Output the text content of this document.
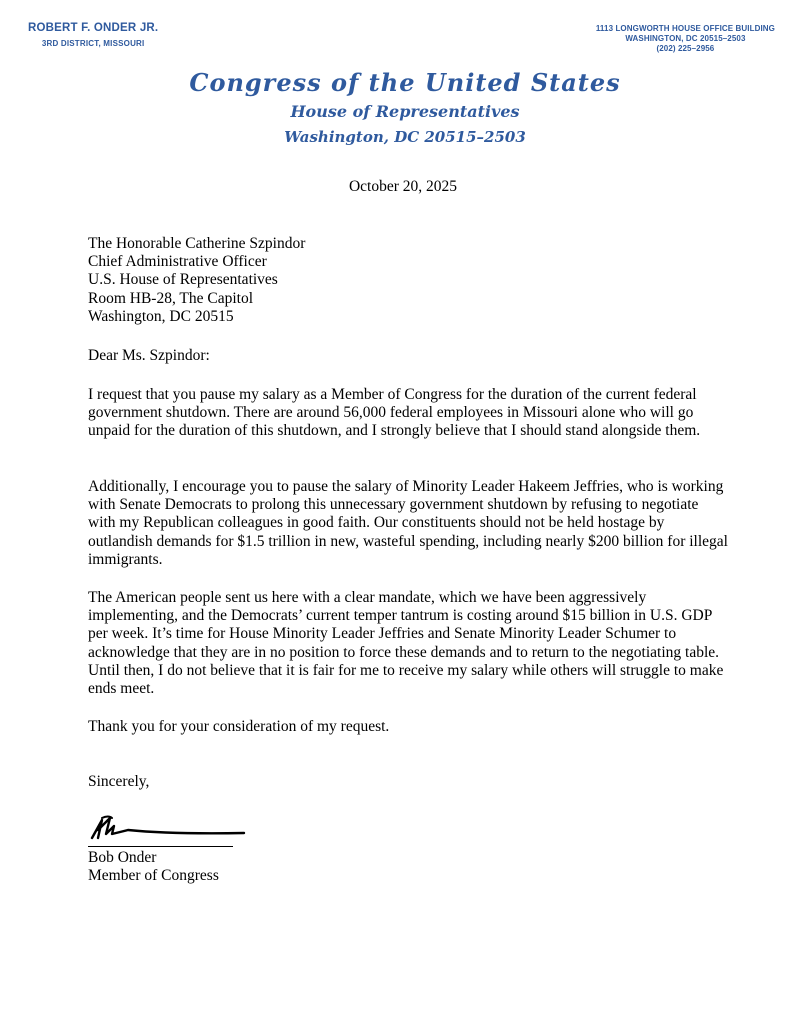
ROBERT F. ONDER JR.
3RD DISTRICT, MISSOURI
1113 LONGWORTH HOUSE OFFICE BUILDING
WASHINGTON, DC 20515–2503
(202) 225–2956
Congress of the United States
House of Representatives
Washington, DC 20515–2503
October 20, 2025
The Honorable Catherine Szpindor
Chief Administrative Officer
U.S. House of Representatives
Room HB-28, The Capitol
Washington, DC 20515
Dear Ms. Szpindor:
I request that you pause my salary as a Member of Congress for the duration of the current federal government shutdown. There are around 56,000 federal employees in Missouri alone who will go unpaid for the duration of this shutdown, and I strongly believe that I should stand alongside them.
Additionally, I encourage you to pause the salary of Minority Leader Hakeem Jeffries, who is working with Senate Democrats to prolong this unnecessary government shutdown by refusing to negotiate with my Republican colleagues in good faith. Our constituents should not be held hostage by outlandish demands for $1.5 trillion in new, wasteful spending, including nearly $200 billion for illegal immigrants.
The American people sent us here with a clear mandate, which we have been aggressively implementing, and the Democrats’ current temper tantrum is costing around $15 billion in U.S. GDP per week. It’s time for House Minority Leader Jeffries and Senate Minority Leader Schumer to acknowledge that they are in no position to force these demands and to return to the negotiating table. Until then, I do not believe that it is fair for me to receive my salary while others will struggle to make ends meet.
Thank you for your consideration of my request.
Sincerely,
Bob Onder
Member of Congress
